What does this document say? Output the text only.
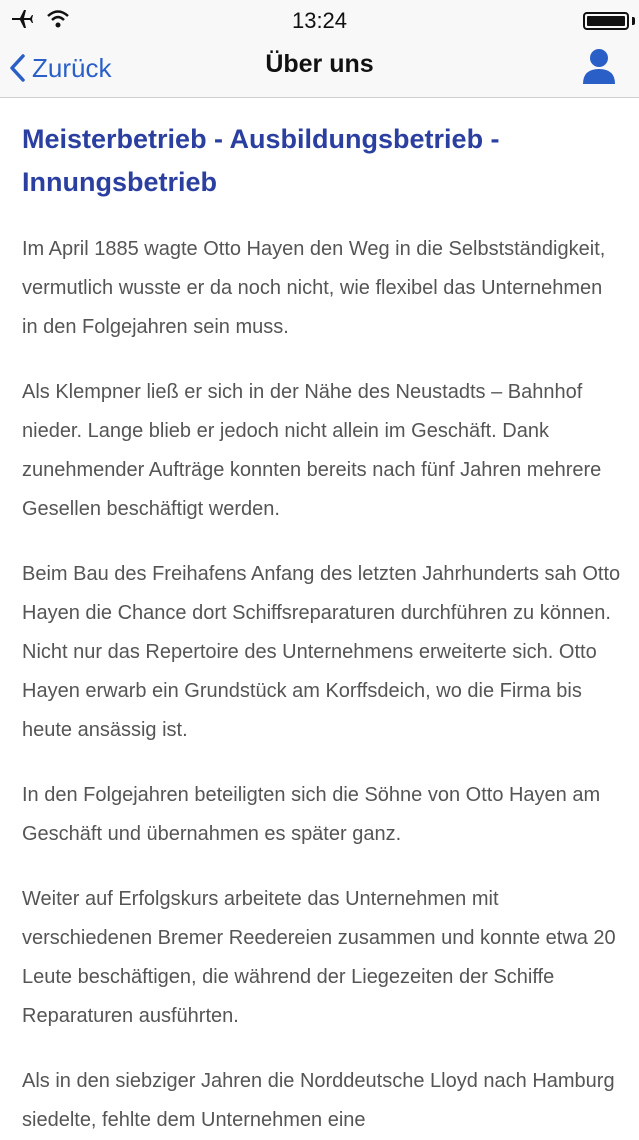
13:24
Zurück	Über uns
Meisterbetrieb - Ausbildungsbetrieb - Innungsbetrieb

Im April 1885 wagte Otto Hayen den Weg in die Selbstständigkeit, vermutlich wusste er da noch nicht, wie flexibel das Unternehmen in den Folgejahren sein muss.

Als Klempner ließ er sich in der Nähe des Neustadts – Bahnhof nieder. Lange blieb er jedoch nicht allein im Geschäft. Dank zunehmender Aufträge konnten bereits nach fünf Jahren mehrere Gesellen beschäftigt werden.

Beim Bau des Freihafens Anfang des letzten Jahrhunderts sah Otto Hayen die Chance dort Schiffsreparaturen durchführen zu können. Nicht nur das Repertoire des Unternehmens erweiterte sich. Otto Hayen erwarb ein Grundstück am Korffsdeich, wo die Firma bis heute ansässig ist.

In den Folgejahren beteiligten sich die Söhne von Otto Hayen am Geschäft und übernahmen es später ganz.

Weiter auf Erfolgskurs arbeitete das Unternehmen mit verschiedenen Bremer Reedereien zusammen und konnte etwa 20 Leute beschäftigen, die während der Liegezeiten der Schiffe Reparaturen ausführten.

Als in den siebziger Jahren die Norddeutsche Lloyd nach Hamburg siedelte, fehlte dem Unternehmen eine
